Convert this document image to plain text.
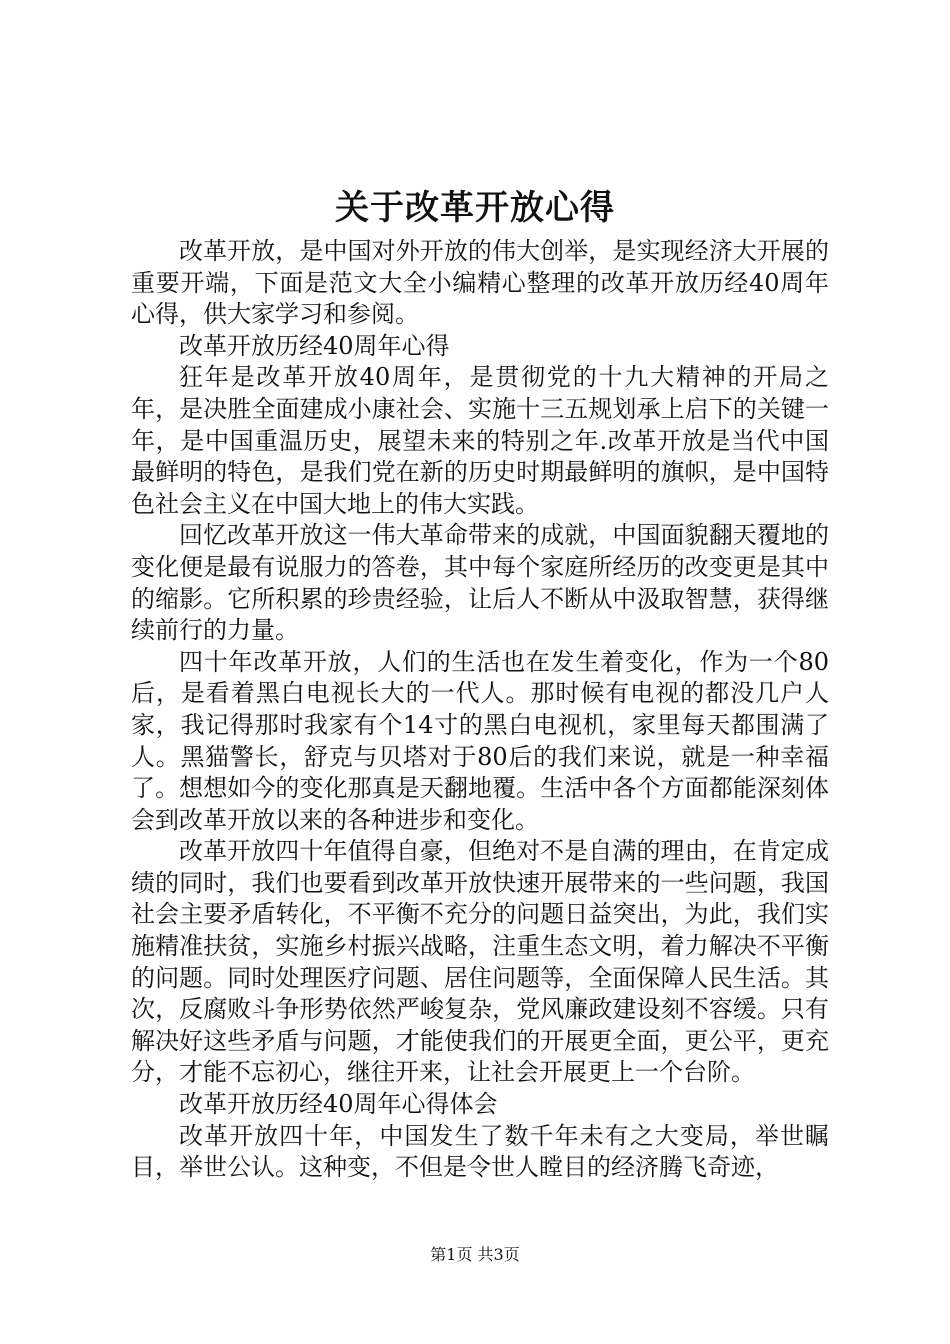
关于改革开放心得

改革开放，是中国对外开放的伟大创举，是实现经济大开展的重要开端，下面是范文大全小编精心整理的改革开放历经40周年心得，供大家学习和参阅。

改革开放历经40周年心得

狂年是改革开放40周年，是贯彻党的十九大精神的开局之年，是决胜全面建成小康社会、实施十三五规划承上启下的关键一年，是中国重温历史，展望未来的特别之年.改革开放是当代中国最鲜明的特色，是我们党在新的历史时期最鲜明的旗帜，是中国特色社会主义在中国大地上的伟大实践。

回忆改革开放这一伟大革命带来的成就，中国面貌翻天覆地的变化便是最有说服力的答卷，其中每个家庭所经历的改变更是其中的缩影。它所积累的珍贵经验，让后人不断从中汲取智慧，获得继续前行的力量。

四十年改革开放，人们的生活也在发生着变化，作为一个80后，是看着黑白电视长大的一代人。那时候有电视的都没几户人家，我记得那时我家有个14寸的黑白电视机，家里每天都围满了人。黑猫警长，舒克与贝塔对于80后的我们来说，就是一种幸福了。想想如今的变化那真是天翻地覆。生活中各个方面都能深刻体会到改革开放以来的各种进步和变化。

改革开放四十年值得自豪，但绝对不是自满的理由，在肯定成绩的同时，我们也要看到改革开放快速开展带来的一些问题，我国社会主要矛盾转化，不平衡不充分的问题日益突出，为此，我们实施精准扶贫，实施乡村振兴战略，注重生态文明，着力解决不平衡的问题。同时处理医疗问题、居住问题等，全面保障人民生活。其次，反腐败斗争形势依然严峻复杂，党风廉政建设刻不容缓。只有解决好这些矛盾与问题，才能使我们的开展更全面，更公平，更充分，才能不忘初心，继往开来，让社会开展更上一个台阶。

改革开放历经40周年心得体会

改革开放四十年，中国发生了数千年未有之大变局，举世瞩目，举世公认。这种变，不但是令世人瞠目的经济腾飞奇迹，

第1页 共3页
